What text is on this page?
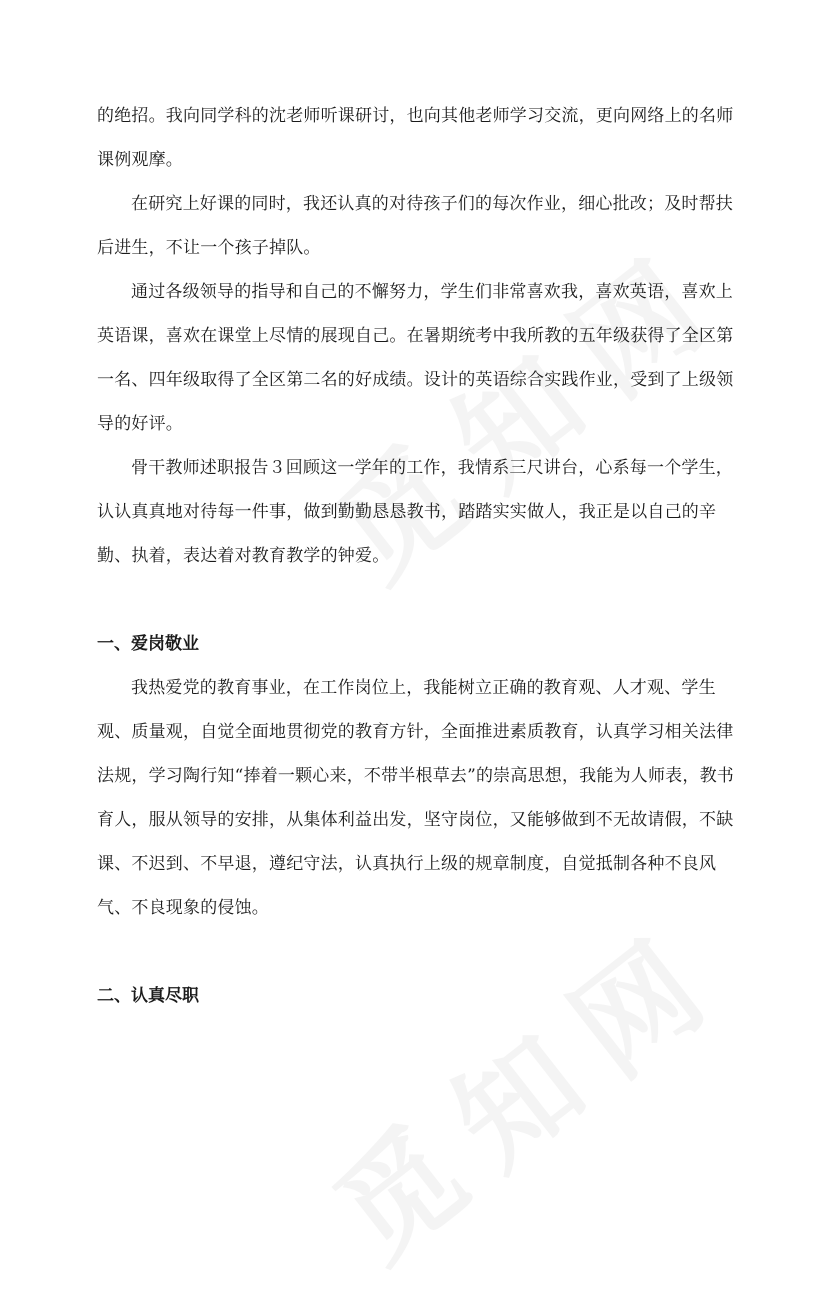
的绝招。我向同学科的沈老师听课研讨，也向其他老师学习交流，更向网络上的名师课例观摩。

在研究上好课的同时，我还认真的对待孩子们的每次作业，细心批改；及时帮扶后进生，不让一个孩子掉队。

通过各级领导的指导和自己的不懈努力，学生们非常喜欢我，喜欢英语，喜欢上英语课，喜欢在课堂上尽情的展现自己。在暑期统考中我所教的五年级获得了全区第一名、四年级取得了全区第二名的好成绩。设计的英语综合实践作业，受到了上级领导的好评。

骨干教师述职报告３回顾这一学年的工作，我情系三尺讲台，心系每一个学生，认认真真地对待每一件事，做到勤勤恳恳教书，踏踏实实做人，我正是以自己的辛勤、执着，表达着对教育教学的钟爱。

一、爱岗敬业

我热爱党的教育事业，在工作岗位上，我能树立正确的教育观、人才观、学生观、质量观，自觉全面地贯彻党的教育方针，全面推进素质教育，认真学习相关法律法规，学习陶行知“捧着一颗心来，不带半根草去”的崇高思想，我能为人师表，教书育人，服从领导的安排，从集体利益出发，坚守岗位，又能够做到不无故请假，不缺课、不迟到、不早退，遵纪守法，认真执行上级的规章制度，自觉抵制各种不良风气、不良现象的侵蚀。

二、认真尽职
